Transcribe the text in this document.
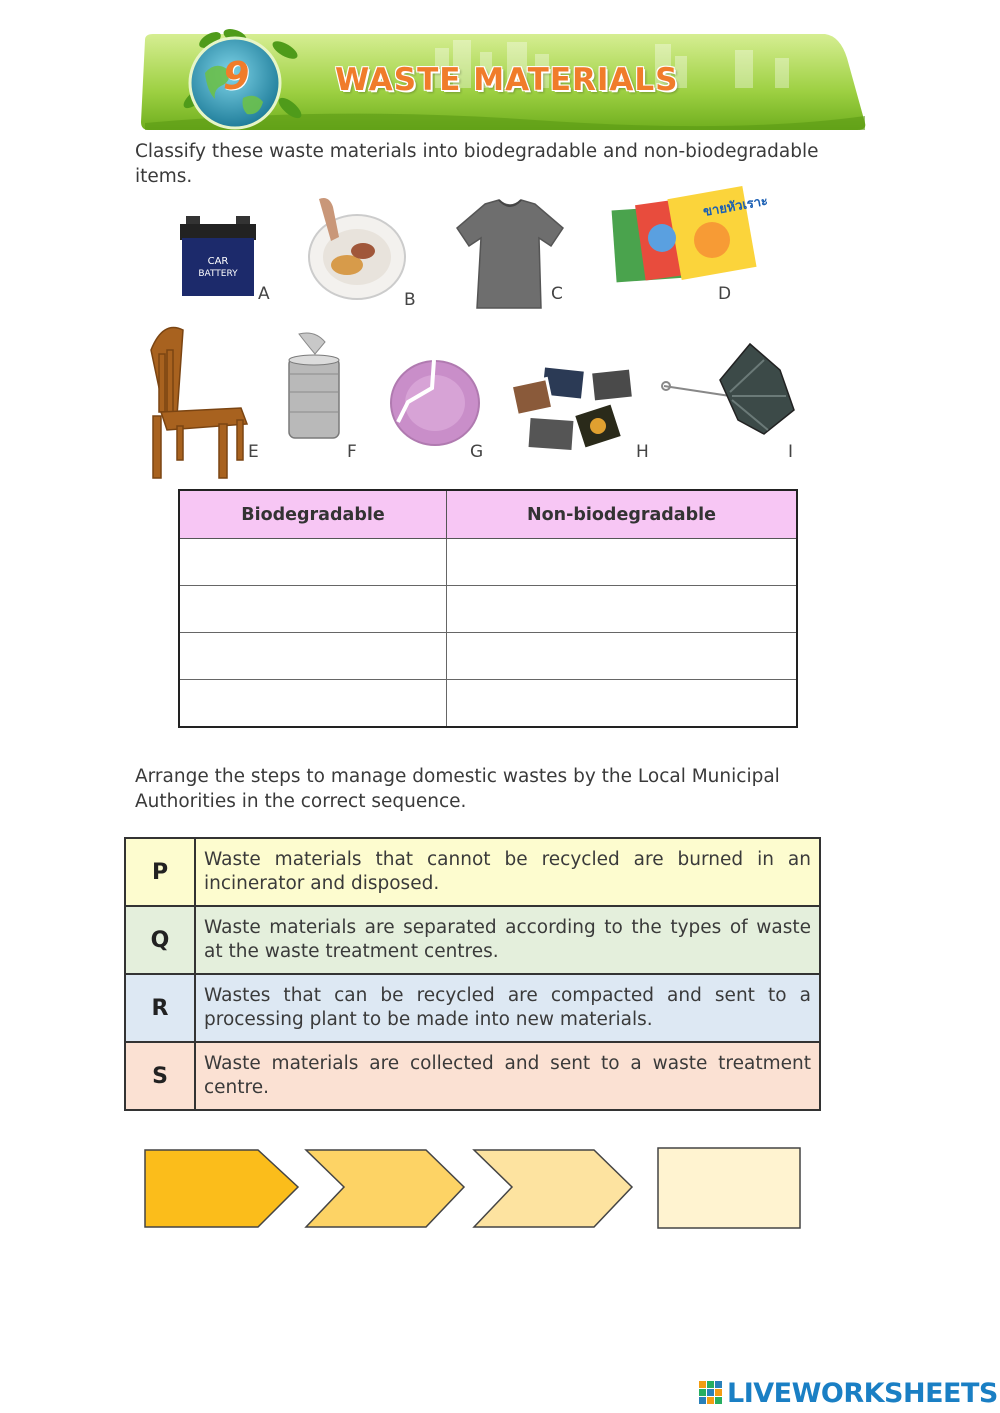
9	WASTE MATERIALS
Classify these waste materials into biodegradable and non-biodegradable items.
CAR
BATTERY
A	B	C
ขายหัวเราะ
D
E	F	G	H	I
Biodegradable	Non-biodegradable

Arrange the steps to manage domestic wastes by the Local Municipal Authorities in the correct sequence.
P	Waste materials that cannot be recycled are burned in an incinerator and disposed.
Q	Waste materials are separated according to the types of waste at the waste treatment centres.
R	Wastes that can be recycled are compacted and sent to a processing plant to be made into new materials.
S	Waste materials are collected and sent to a waste treatment centre.
LIVEWORKSHEETS
